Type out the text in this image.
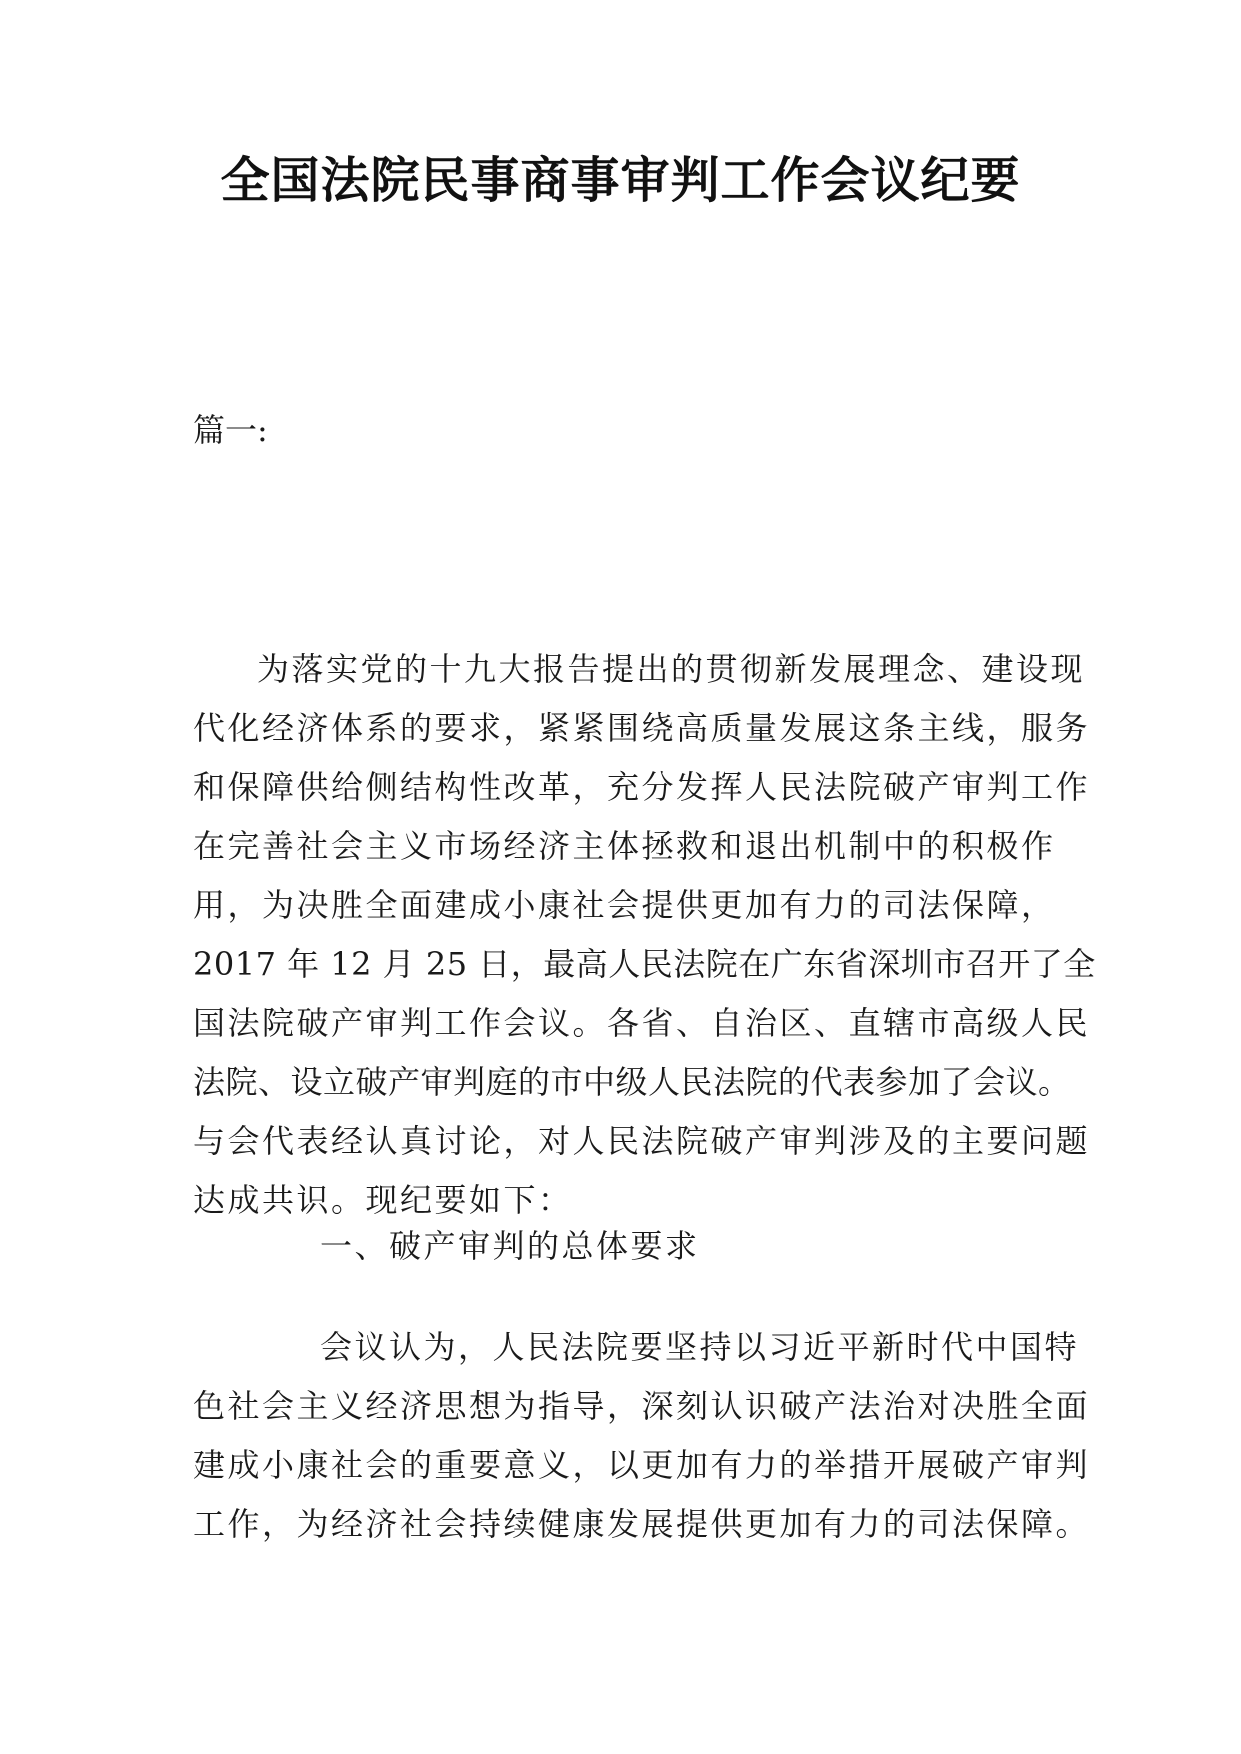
全国法院民事商事审判工作会议纪要
篇一:
为落实党的十九大报告提出的贯彻新发展理念、建设现
代化经济体系的要求，紧紧围绕高质量发展这条主线，服务
和保障供给侧结构性改革，充分发挥人民法院破产审判工作
在完善社会主义市场经济主体拯救和退出机制中的积极作
用，为决胜全面建成小康社会提供更加有力的司法保障，
2017 年 12 月 25 日，最高人民法院在广东省深圳市召开了全
国法院破产审判工作会议。各省、自治区、直辖市高级人民
法院、设立破产审判庭的市中级人民法院的代表参加了会议。
与会代表经认真讨论，对人民法院破产审判涉及的主要问题
达成共识。现纪要如下：
一、破产审判的总体要求
会议认为，人民法院要坚持以习近平新时代中国特
色社会主义经济思想为指导，深刻认识破产法治对决胜全面
建成小康社会的重要意义，以更加有力的举措开展破产审判
工作，为经济社会持续健康发展提供更加有力的司法保障。
